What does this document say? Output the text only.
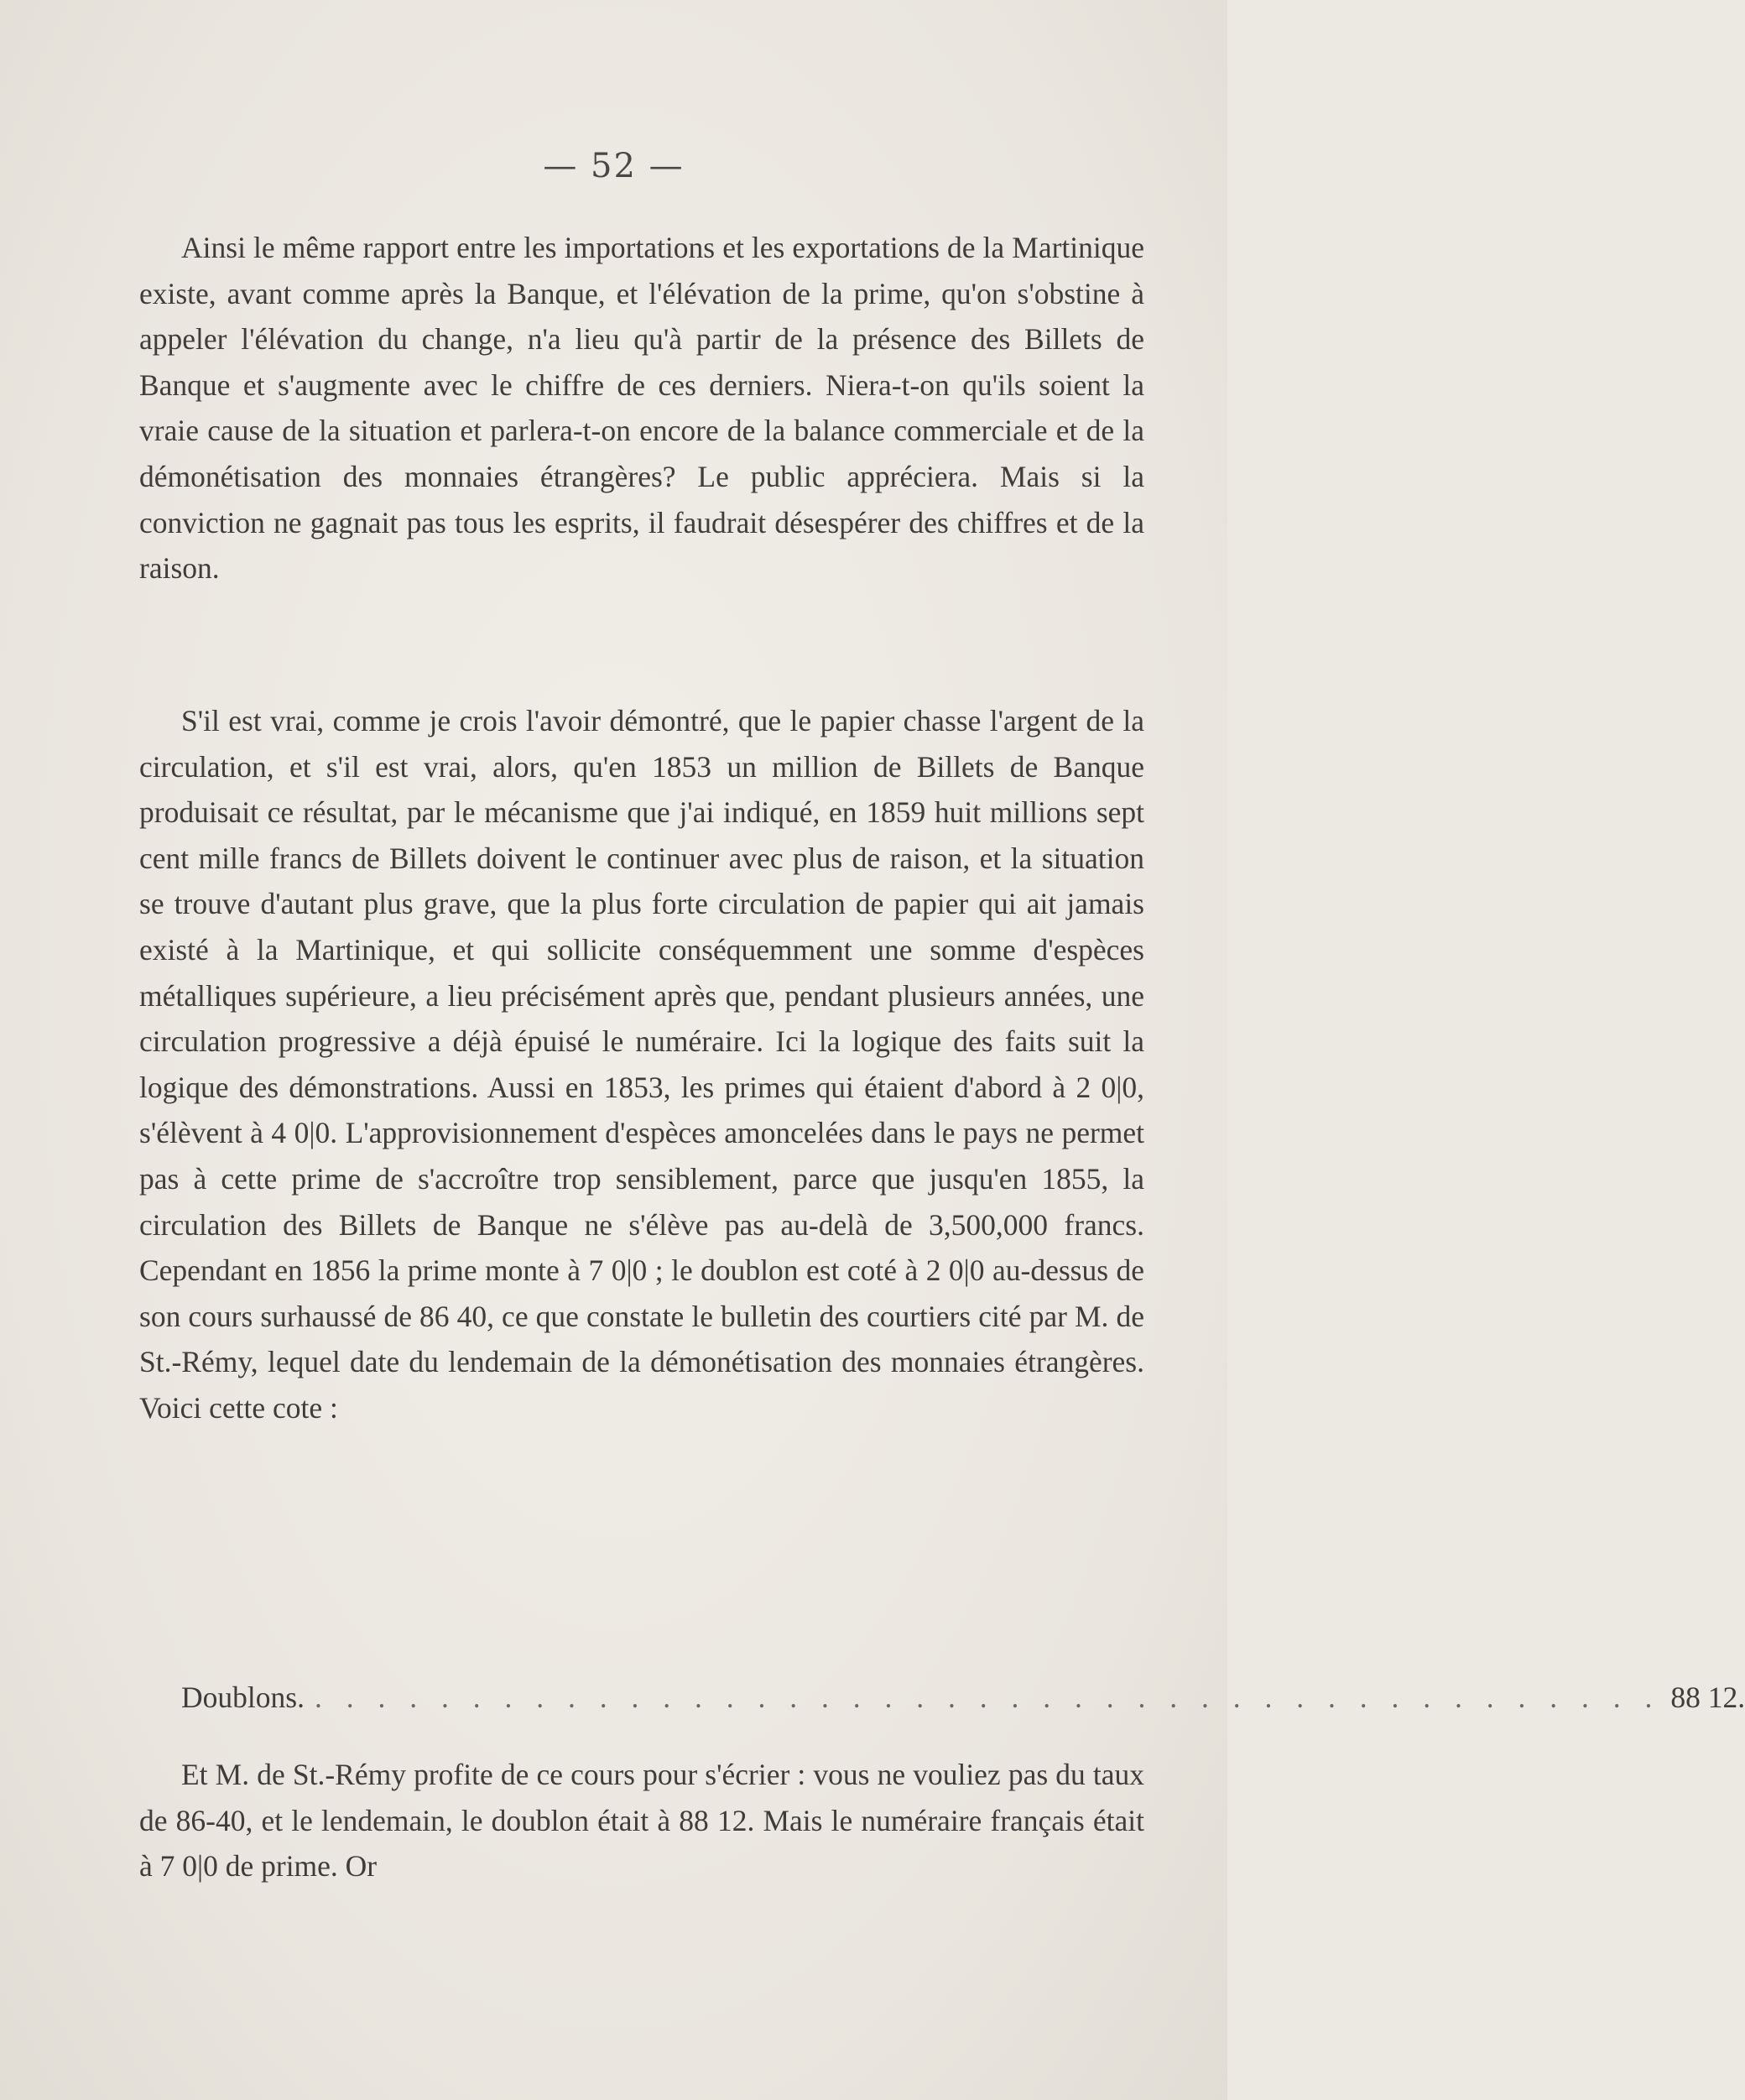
— 52 —

Ainsi le même rapport entre les importations et les exportations de la Martinique existe, avant comme après la Banque, et l'élévation de la prime, qu'on s'obstine à appeler l'élévation du change, n'a lieu qu'à partir de la présence des Billets de Banque et s'augmente avec le chiffre de ces derniers. Niera-t-on qu'ils soient la vraie cause de la situation et parlera-t-on encore de la balance commerciale et de la démonétisation des monnaies étrangères? Le public appréciera. Mais si la conviction ne gagnait pas tous les esprits, il faudrait désespérer des chiffres et de la raison.

S'il est vrai, comme je crois l'avoir démontré, que le papier chasse l'argent de la circulation, et s'il est vrai, alors, qu'en 1853 un million de Billets de Banque produisait ce résultat, par le mécanisme que j'ai indiqué, en 1859 huit millions sept cent mille francs de Billets doivent le continuer avec plus de raison, et la situation se trouve d'autant plus grave, que la plus forte circulation de papier qui ait jamais existé à la Martinique, et qui sollicite conséquemment une somme d'espèces métalliques supérieure, a lieu précisément après que, pendant plusieurs années, une circulation progressive a déjà épuisé le numéraire. Ici la logique des faits suit la logique des démonstrations. Aussi en 1853, les primes qui étaient d'abord à 2 0|0, s'élèvent à 4 0|0. L'approvisionnement d'espèces amoncelées dans le pays ne permet pas à cette prime de s'accroître trop sensiblement, parce que jusqu'en 1855, la circulation des Billets de Banque ne s'élève pas au-delà de 3,500,000 francs. Cependant en 1856 la prime monte à 7 0|0 ; le doublon est coté à 2 0|0 au-dessus de son cours surhaussé de 86 40, ce que constate le bulletin des courtiers cité par M. de St.-Rémy, lequel date du lendemain de la démonétisation des monnaies étrangères. Voici cette cote :

Doublons. . . . . . . . . . . . . . . . . . . . . . . . . . . . . . . . . . . . . . . . . . . . 88 12.

Et M. de St.-Rémy profite de ce cours pour s'écrier : vous ne vouliez pas du taux de 86-40, et le lendemain, le doublon était à 88 12. Mais le numéraire français était à 7 0|0 de prime. Or
